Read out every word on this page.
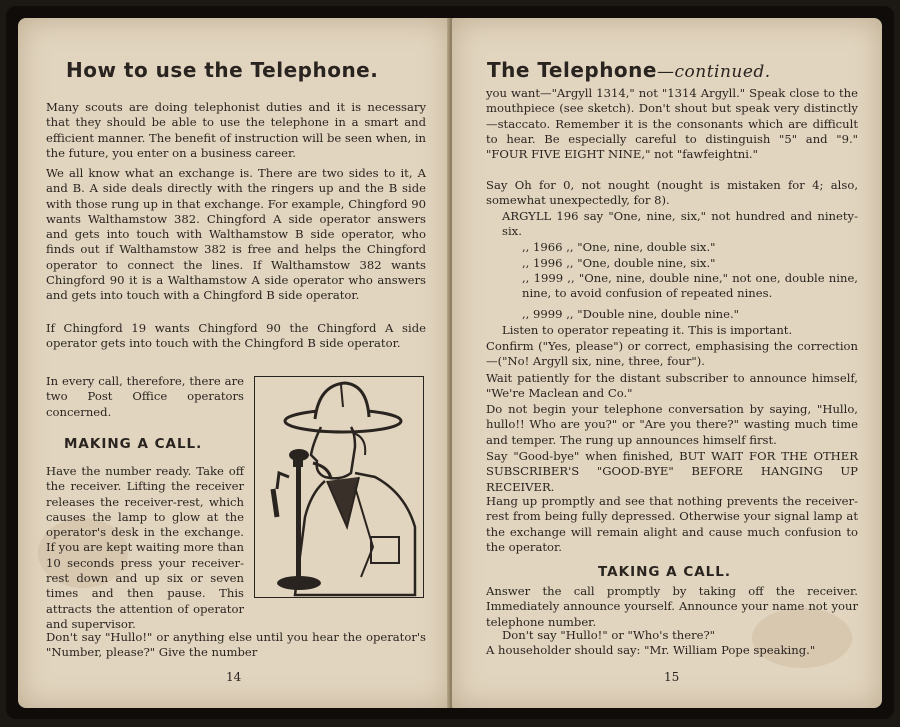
How to use the Telephone.

Many scouts are doing telephonist duties and it is necessary that they should be able to use the telephone in a smart and efficient manner. The benefit of instruction will be seen when, in the future, you enter on a business career.

We all know what an exchange is. There are two sides to it, A and B. A side deals directly with the ringers up and the B side with those rung up in that exchange. For example, Chingford 90 wants Walthamstow 382. Chingford A side operator answers and gets into touch with Walthamstow B side operator, who finds out if Walthamstow 382 is free and helps the Chingford operator to connect the lines. If Walthamstow 382 wants Chingford 90 it is a Walthamstow A side operator who answers and gets into touch with a Chingford B side operator.

If Chingford 19 wants Chingford 90 the Chingford A side operator gets into touch with the Chingford B side operator.

In every call, therefore, there are two Post Office operators concerned.

MAKING A CALL.

Have the number ready. Take off the receiver. Lifting the receiver releases the receiver-rest, which causes the lamp to glow at the operator's desk in the exchange. If you are kept waiting more than 10 seconds press your receiver-rest down and up six or seven times and then pause. This attracts the attention of operator and supervisor.

Don't say "Hullo!" or anything else until you hear the operator's "Number, please?" Give the number

14

The Telephone—continued.

you want—"Argyll 1314," not "1314 Argyll." Speak close to the mouthpiece (see sketch). Don't shout but speak very distinctly—staccato. Remember it is the consonants which are difficult to hear. Be especially careful to distinguish "5" and "9." "FOUR FIVE EIGHT NINE," not "fawfeightni."

Say Oh for 0, not nought (nought is mistaken for 4; also, somewhat unexpectedly, for 8).

ARGYLL 196 say "One, nine, six," not hundred and ninety-six.

,, 1966 ,, "One, nine, double six."

,, 1996 ,, "One, double nine, six."

,, 1999 ,, "One, nine, double nine," not one, double nine, nine, to avoid confusion of repeated nines.

,, 9999 ,, "Double nine, double nine."

Listen to operator repeating it. This is important.

Confirm ("Yes, please") or correct, emphasising the correction—("No! Argyll six, nine, three, four").

Wait patiently for the distant subscriber to announce himself, "We're Maclean and Co."

Do not begin your telephone conversation by saying, "Hullo, hullo!! Who are you?" or "Are you there?" wasting much time and temper. The rung up announces himself first.

Say "Good-bye" when finished, BUT WAIT FOR THE OTHER SUBSCRIBER'S "GOOD-BYE" BEFORE HANGING UP RECEIVER.

Hang up promptly and see that nothing prevents the receiver-rest from being fully depressed. Otherwise your signal lamp at the exchange will remain alight and cause much confusion to the operator.

TAKING A CALL.

Answer the call promptly by taking off the receiver. Immediately announce yourself. Announce your name not your telephone number.

Don't say "Hullo!" or "Who's there?"

A householder should say: "Mr. William Pope speaking."

15
